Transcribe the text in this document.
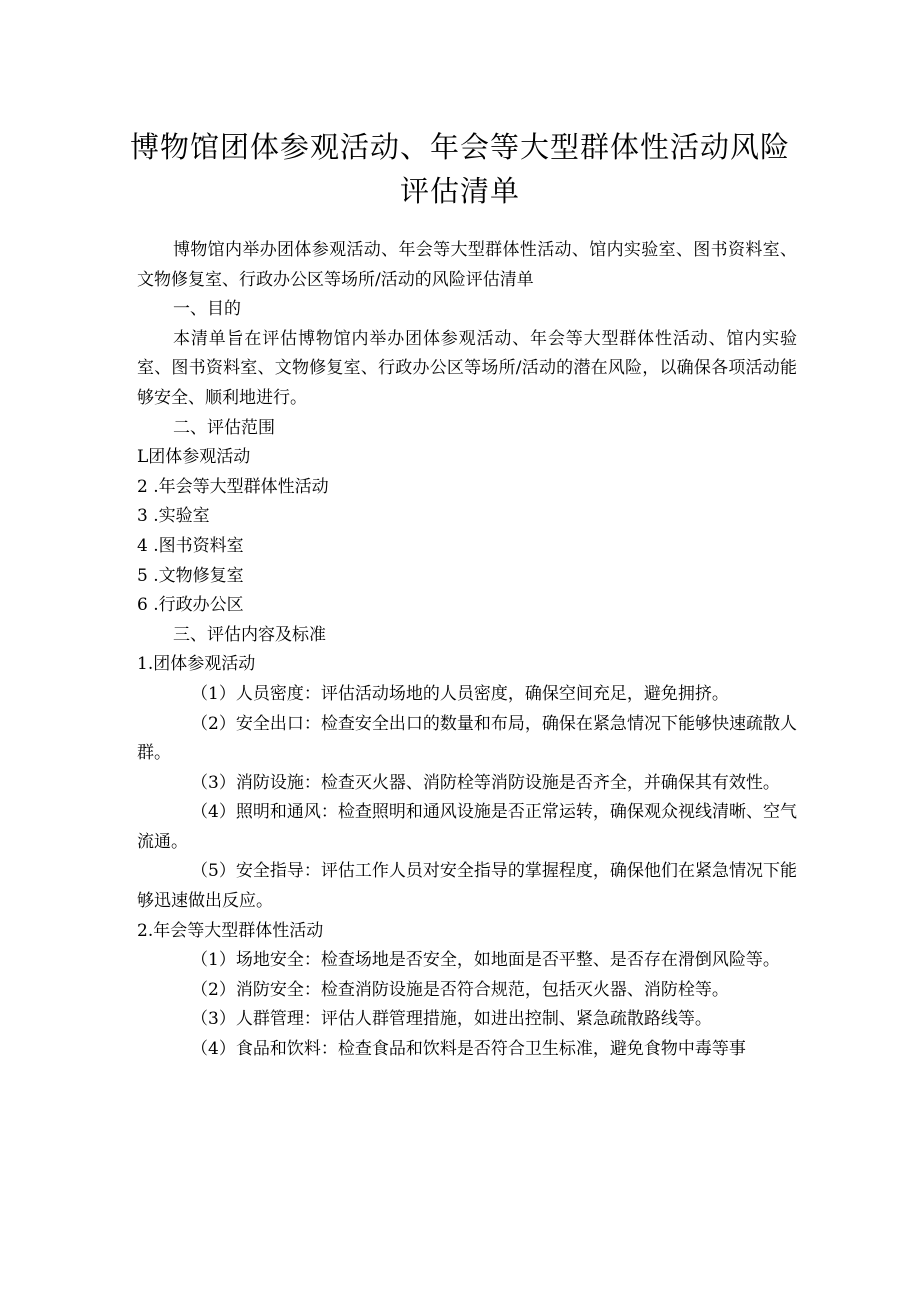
博物馆团体参观活动、年会等大型群体性活动风险
评估清单

博物馆内举办团体参观活动、年会等大型群体性活动、馆内实验室、图书资料室、文物修复室、行政办公区等场所/活动的风险评估清单

一、目的

本清单旨在评估博物馆内举办团体参观活动、年会等大型群体性活动、馆内实验室、图书资料室、文物修复室、行政办公区等场所/活动的潜在风险，以确保各项活动能够安全、顺利地进行。

二、评估范围

L团体参观活动

2 .年会等大型群体性活动

3 .实验室

4 .图书资料室

5 .文物修复室

6 .行政办公区

三、评估内容及标准

1.团体参观活动

（1）人员密度：评估活动场地的人员密度，确保空间充足，避免拥挤。

（2）安全出口：检查安全出口的数量和布局，确保在紧急情况下能够快速疏散人群。

（3）消防设施：检查灭火器、消防栓等消防设施是否齐全，并确保其有效性。

（4）照明和通风：检查照明和通风设施是否正常运转，确保观众视线清晰、空气流通。

（5）安全指导：评估工作人员对安全指导的掌握程度，确保他们在紧急情况下能够迅速做出反应。

2.年会等大型群体性活动

（1）场地安全：检查场地是否安全，如地面是否平整、是否存在滑倒风险等。

（2）消防安全：检查消防设施是否符合规范，包括灭火器、消防栓等。

（3）人群管理：评估人群管理措施，如进出控制、紧急疏散路线等。

（4）食品和饮料：检查食品和饮料是否符合卫生标准，避免食物中毒等事
